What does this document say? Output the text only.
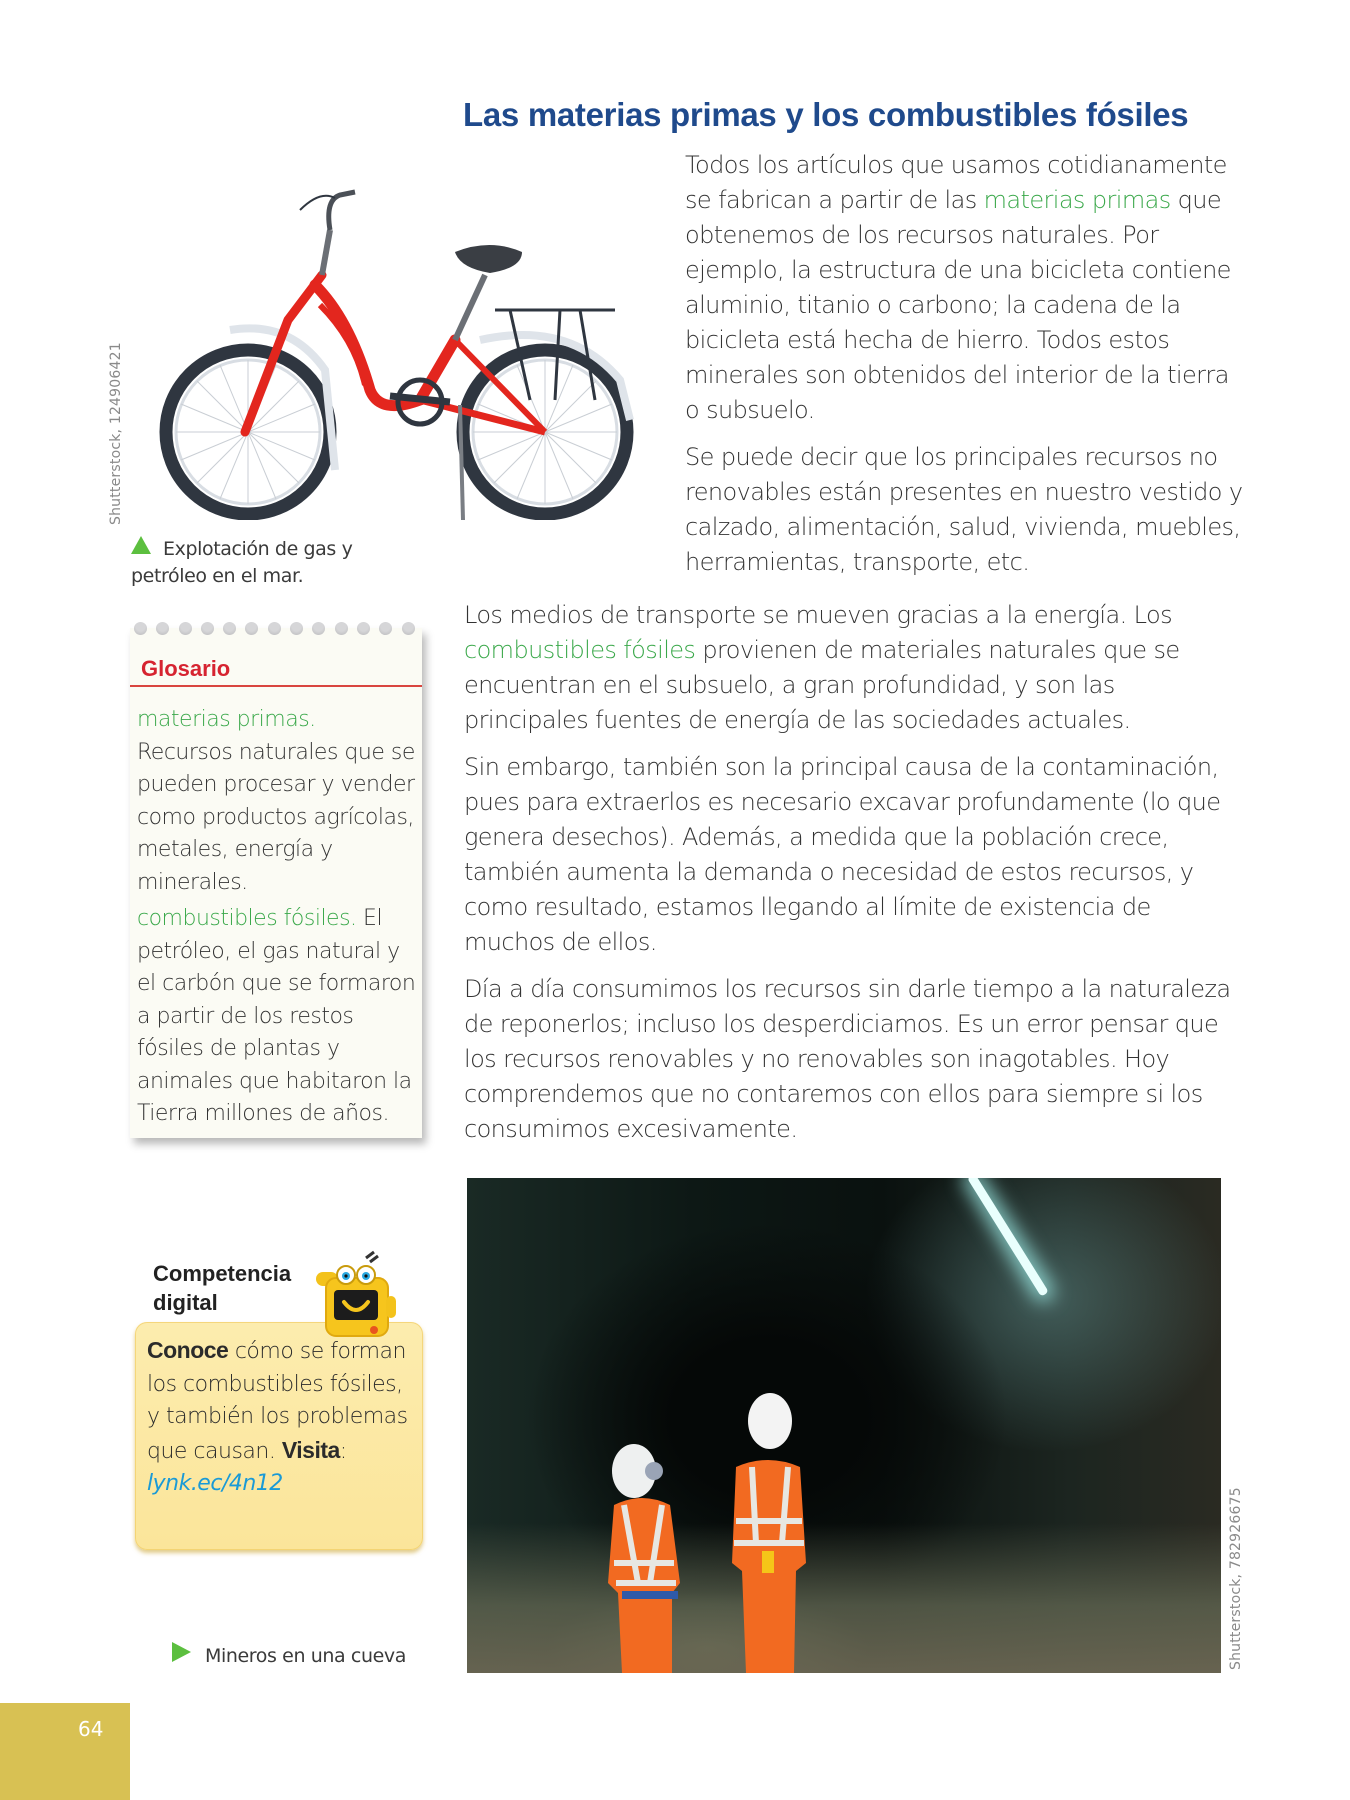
Las materias primas y los combustibles fósiles
Shutterstock, 124906421
Explotación de gas y petróleo en el mar.

Todos los artículos que usamos cotidianamente se fabrican a partir de las materias primas que obtenemos de los recursos naturales. Por ejemplo, la estructura de una bicicleta contiene aluminio, titanio o carbono; la cadena de la bicicleta está hecha de hierro. Todos estos minerales son obtenidos del interior de la tierra o subsuelo.

Se puede decir que los principales recursos no renovables están presentes en nuestro vestido y calzado, alimentación, salud, vivienda, muebles, herramientas, transporte, etc.

Los medios de transporte se mueven gracias a la energía. Los combustibles fósiles provienen de materiales naturales que se encuentran en el subsuelo, a gran profundidad, y son las principales fuentes de energía de las sociedades actuales.

Sin embargo, también son la principal causa de la contaminación, pues para extraerlos es necesario excavar profundamente (lo que genera desechos). Además, a medida que la población crece, también aumenta la demanda o necesidad de estos recursos, y como resultado, estamos llegando al límite de existencia de muchos de ellos.

Día a día consumimos los recursos sin darle tiempo a la naturaleza de reponerlos; incluso los desperdiciamos. Es un error pensar que los recursos renovables y no renovables son inagotables. Hoy comprendemos que no contaremos con ellos para siempre si los consumimos excesivamente.

Glosario

materias primas.
Recursos naturales que se pueden procesar y vender como productos agrícolas, metales, energía y minerales.

combustibles fósiles. El petróleo, el gas natural y el carbón que se formaron a partir de los restos fósiles de plantas y animales que habitaron la Tierra millones de años.

Competencia
digital
Conoce cómo se forman los combustibles fósiles, y también los problemas que causan. Visita:
lynk.ec/4n12
Shutterstock, 782926675
Mineros en una cueva
64
